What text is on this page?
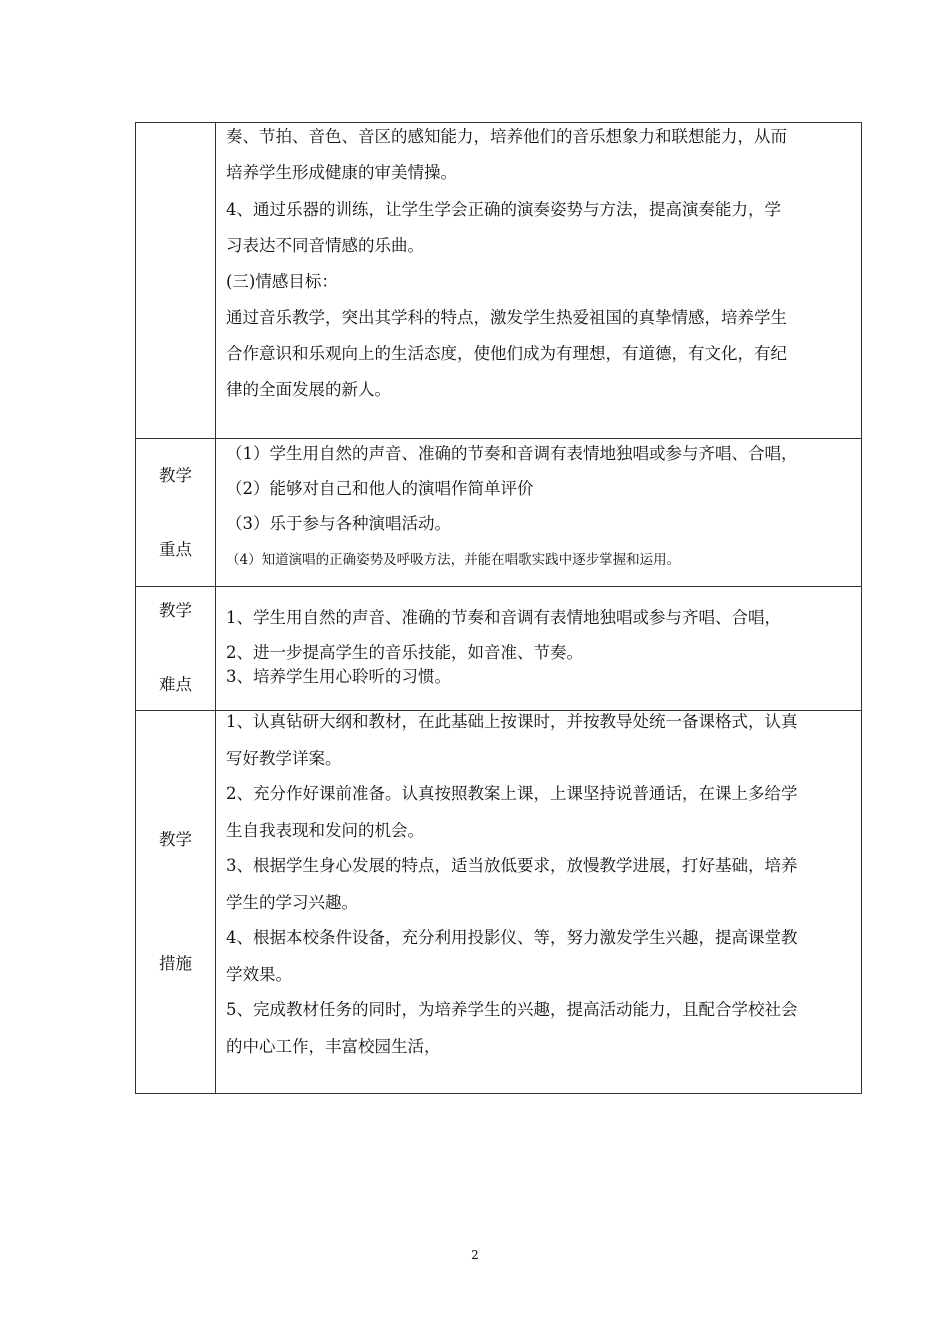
奏、节拍、音色、音区的感知能力，培养他们的音乐想象力和联想能力，从而
培养学生形成健康的审美情操。
4、通过乐器的训练，让学生学会正确的演奏姿势与方法，提高演奏能力，学
习表达不同音情感的乐曲。
(三)情感目标：
通过音乐教学，突出其学科的特点，激发学生热爱祖国的真挚情感，培养学生
合作意识和乐观向上的生活态度，使他们成为有理想，有道德，有文化，有纪
律的全面发展的新人。
教学
重点
（1）学生用自然的声音、准确的节奏和音调有表情地独唱或参与齐唱、合唱，
（2）能够对自己和他人的演唱作简单评价
（3）乐于参与各种演唱活动。
（4）知道演唱的正确姿势及呼吸方法，并能在唱歌实践中逐步掌握和运用。
教学
难点
1、学生用自然的声音、准确的节奏和音调有表情地独唱或参与齐唱、合唱，
2、进一步提高学生的音乐技能，如音准、节奏。
3、培养学生用心聆听的习惯。
教学
措施
1、认真钻研大纲和教材，在此基础上按课时，并按教导处统一备课格式，认真
写好教学详案。
2、充分作好课前准备。认真按照教案上课，上课坚持说普通话，在课上多给学
生自我表现和发问的机会。
3、根据学生身心发展的特点，适当放低要求，放慢教学进展，打好基础，培养
学生的学习兴趣。
4、根据本校条件设备，充分利用投影仪、等，努力激发学生兴趣，提高课堂教
学效果。
5、完成教材任务的同时，为培养学生的兴趣，提高活动能力，且配合学校社会
的中心工作，丰富校园生活，
2
